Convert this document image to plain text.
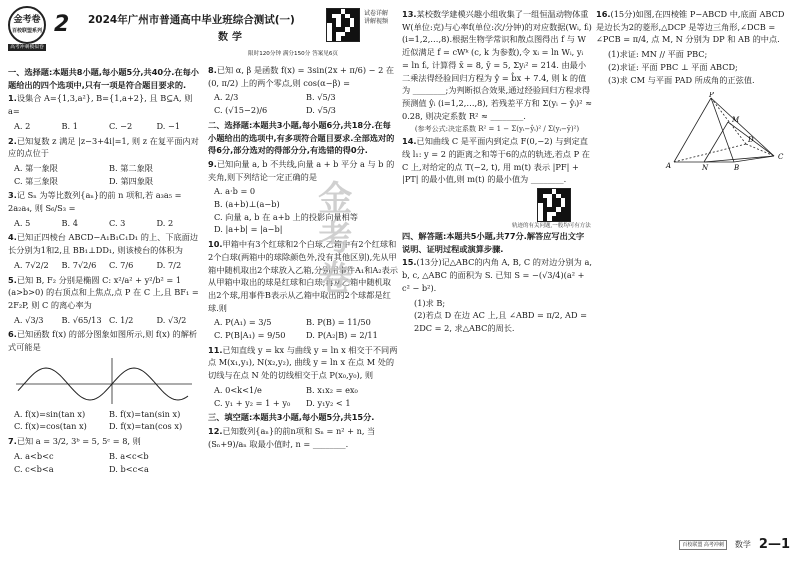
金考卷
百校联盟系列
高考冲刺模拟卷
2 2024年广州市普通高中毕业班综合测试(一)
数学
限时120分钟 满分150分 答案见6页
试卷详解 讲解视频
一、选择题:本题共8小题,每小题5分,共40分.在每小题给出的四个选项中,只有一项是符合题目要求的.
1.设集合 A={1,3,a²}, B={1,a+2}, 且 B⊆A, 则 a=
A. 2	B. 1	C. −2	D. −1
2.已知复数 z 满足 |z−3+4i|=1, 则 z 在复平面内对应的点位于
A. 第一象限	B. 第二象限
C. 第三象限	D. 第四象限
3.记 Sₙ 为等比数列{aₙ}的前 n 项和,若 a₃a₅ = 2a₂a₄, 则 S₆/S₃ =
A. 5	B. 4	C. 3	D. 2
4.已知正四棱台 ABCD−A₁B₁C₁D₁ 的上、下底面边长分别为1和2,且 BB₁⊥DD₁, 则该棱台的体积为
A. 7√2/2	B. 7√2/6	C. 7/6	D. 7/2
5.已知 B, F₂ 分别是椭圆 C: x²/a² + y²/b² = 1 (a>b>0) 的右顶点和上焦点,点 P 在 C 上,且 BF₁ = 2F₂P, 则 C 的离心率为
A. √3/3	B. √65/13 C. 1/2	D. √3/2
6.已知函数 f(x) 的部分图象如图所示,则 f(x) 的解析式可能是
A. f(x)=sin(tan x)	B. f(x)=tan(sin x)
C. f(x)=cos(tan x)	D. f(x)=tan(cos x)
7.已知 a = 3/2, 3ᵇ = 5, 5ᶜ = 8, 则
A. a<b<c	B. a<c<b
C. c<b<a	D. b<c<a
8.已知 α, β 是函数 f(x) = 3sin(2x + π/6) − 2 在 (0, π/2) 上的两个零点,则 cos(α−β) =
A. 2/3	B. √5/3
C. (√15−2)/6	D. √5/3
二、选择题:本题共3小题,每小题6分,共18分.在每小题给出的选项中,有多项符合题目要求.全部选对的得6分,部分选对的得部分分,有选错的得0分.
9.已知向量 a, b 不共线,向量 a + b 平分 a 与 b 的夹角,则下列结论一定正确的是
A. a·b = 0
B. (a+b)⊥(a−b)
C. 向量 a, b 在 a+b 上的投影向量相等
D. |a+b| = |a−b|
10.甲箱中有3个红球和2个白球,乙箱中有2个红球和2个白球(两箱中的球除颜色外,没有其他区别),先从甲箱中随机取出2个球放入乙箱,分别用事件A₁和A₂表示从甲箱中取出的球是红球和白球;再从乙箱中随机取出2个球,用事件B表示从乙箱中取出的2个球都是红球.则
A. P(A₁) = 3/5	B. P(B) = 11/50
C. P(B|A₁) = 9/50	D. P(A₂|B) = 2/11
11.已知直线 y = kx 与曲线 y = ln x 相交于不同两点 M(x₁,y₁), N(x₂,y₂), 曲线 y = ln x 在点 M 处的切线与在点 N 处的切线相交于点 P(x₀,y₀), 则
A. 0<k<1/e	B. x₁x₂ = ex₀
C. y₁ + y₂ = 1 + y₀	D. y₁y₂ < 1
三、填空题:本题共3小题,每小题5分,共15分.
12.已知数列{aₙ}的前n项和 Sₙ = n² + n, 当 (Sₙ+9)/aₙ 取最小值时, n = ________.
13.某校数学建模兴趣小组收集了一组恒温动物体重W(单位:克)与心率f(单位:次/分钟)的对应数据(Wᵢ, fᵢ)(i=1,2,…,8).根据生物学常识和散点图得出 f 与 W 近似满足 f = cWᵏ (c, k 为参数),令 xᵢ = ln Wᵢ, yᵢ = ln fᵢ, 计算得 x̄ = 8, ȳ = 5, Σyᵢ² = 214. 由最小二乘法得经验回归方程为 ŷ = b̂x + 7.4, 则 k 的值为 ________;为判断拟合效果,通过经验回归方程求得预测值 ŷᵢ (i=1,2,…,8), 若残差平方和 Σ(yᵢ − ŷᵢ)² ≈ 0.28, 则决定系数 R² ≈ ________.
(参考公式:决定系数 R² = 1 − Σ(yᵢ−ŷᵢ)² / Σ(yᵢ−ȳ)²)
14.已知曲线 C 是平面内到定点 F(0,−2) 与到定直线 l₁: y = 2 的距离之和等于6的点的轨迹,若点 P 在 C 上,对给定的点 T(−2, t), 用 m(t) 表示 |PF| + |PT| 的最小值,则 m(t) 的最小值为 ________.
轨迹的有关问题,一般均可有方法
四、解答题:本题共5小题,共77分.解答应写出文字说明、证明过程或演算步骤.
15.(13分)记△ABC的内角 A, B, C 的对边分别为 a, b, c, △ABC 的面积为 S. 已知 S = −(√3/4)(a² + c² − b²).
(1)求 B;
(2)若点 D 在边 AC 上,且 ∠ABD = π/2, AD = 2DC = 2, 求△ABC的周长.
16.(15分)如图,在四棱锥 P−ABCD 中,底面 ABCD 是边长为2的菱形,△DCP 是等边三角形,∠DCB = ∠PCB = π/4, 点 M, N 分别为 DP 和 AB 的中点.
(1)求证: MN // 平面 PBC;
(2)求证: 平面 PBC ⊥ 平面 ABCD;
(3)求 CM 与平面 PAD 所成角的正弦值.
P
M
D
C
A	N	B
金考卷
百校联盟 高考冲刺	数学 2—1
